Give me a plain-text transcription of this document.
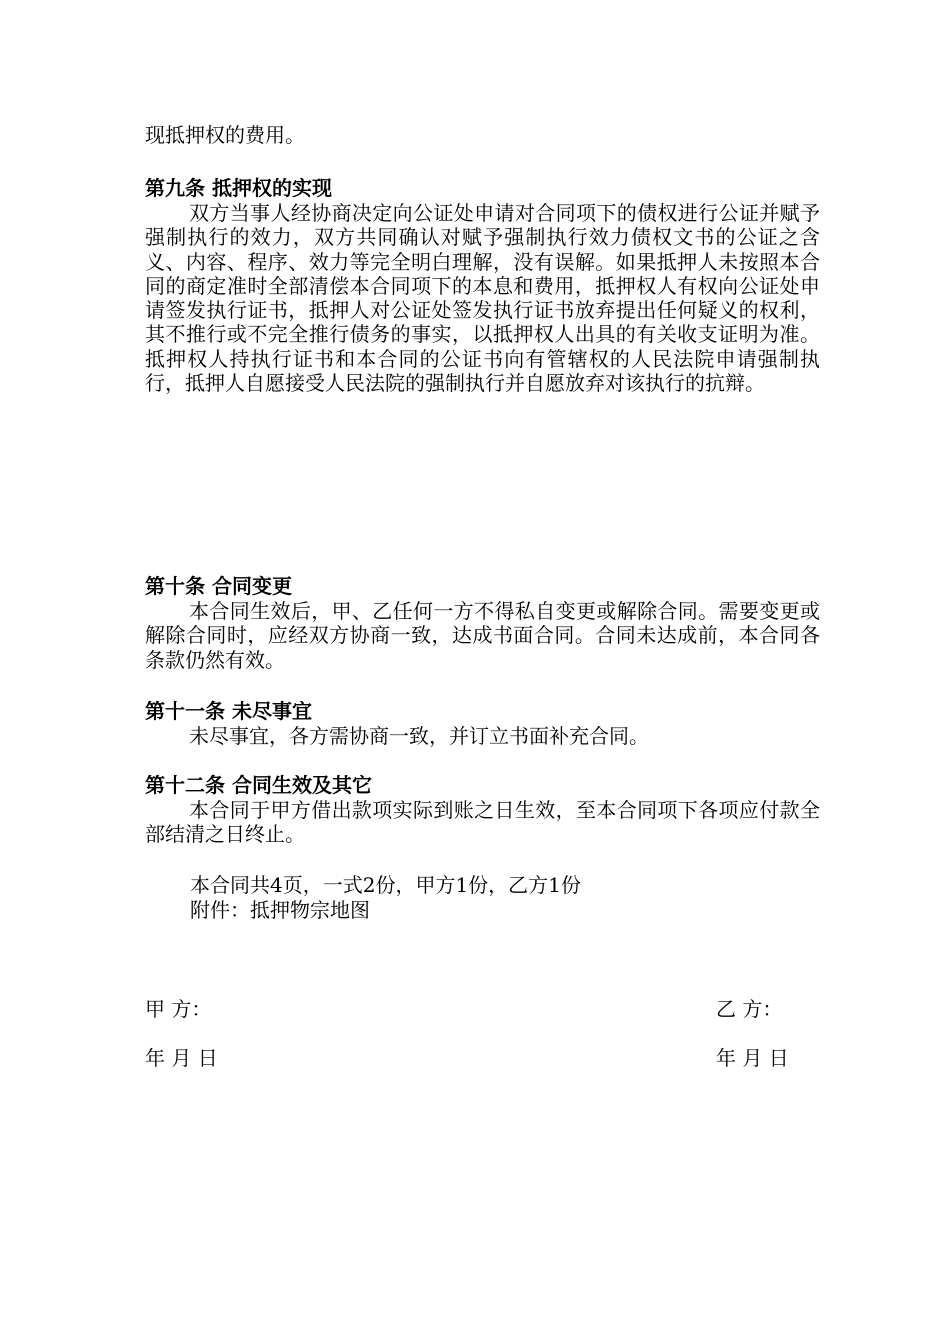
现抵押权的费用。
第九条 抵押权的实现

双方当事人经协商决定向公证处申请对合同项下的债权进行公证并赋予强制执行的效力，双方共同确认对赋予强制执行效力债权文书的公证之含义、内容、程序、效力等完全明白理解，没有误解。如果抵押人未按照本合同的商定准时全部清偿本合同项下的本息和费用，抵押权人有权向公证处申请签发执行证书，抵押人对公证处签发执行证书放弃提出任何疑义的权利，其不推行或不完全推行债务的事实，以抵押权人出具的有关收支证明为准。抵押权人持执行证书和本合同的公证书向有管辖权的人民法院申请强制执行，抵押人自愿接受人民法院的强制执行并自愿放弃对该执行的抗辩。

第十条 合同变更

本合同生效后，甲、乙任何一方不得私自变更或解除合同。需要变更或解除合同时，应经双方协商一致，达成书面合同。合同未达成前，本合同各条款仍然有效。

第十一条 未尽事宜

未尽事宜，各方需协商一致，并订立书面补充合同。

第十二条 合同生效及其它

本合同于甲方借出款项实际到账之日生效，至本合同项下各项应付款全部结清之日终止。

本合同共4页，一式2份，甲方1份，乙方1份
附件：抵押物宗地图
甲 方：	乙 方：
年 月 日	年 月 日
